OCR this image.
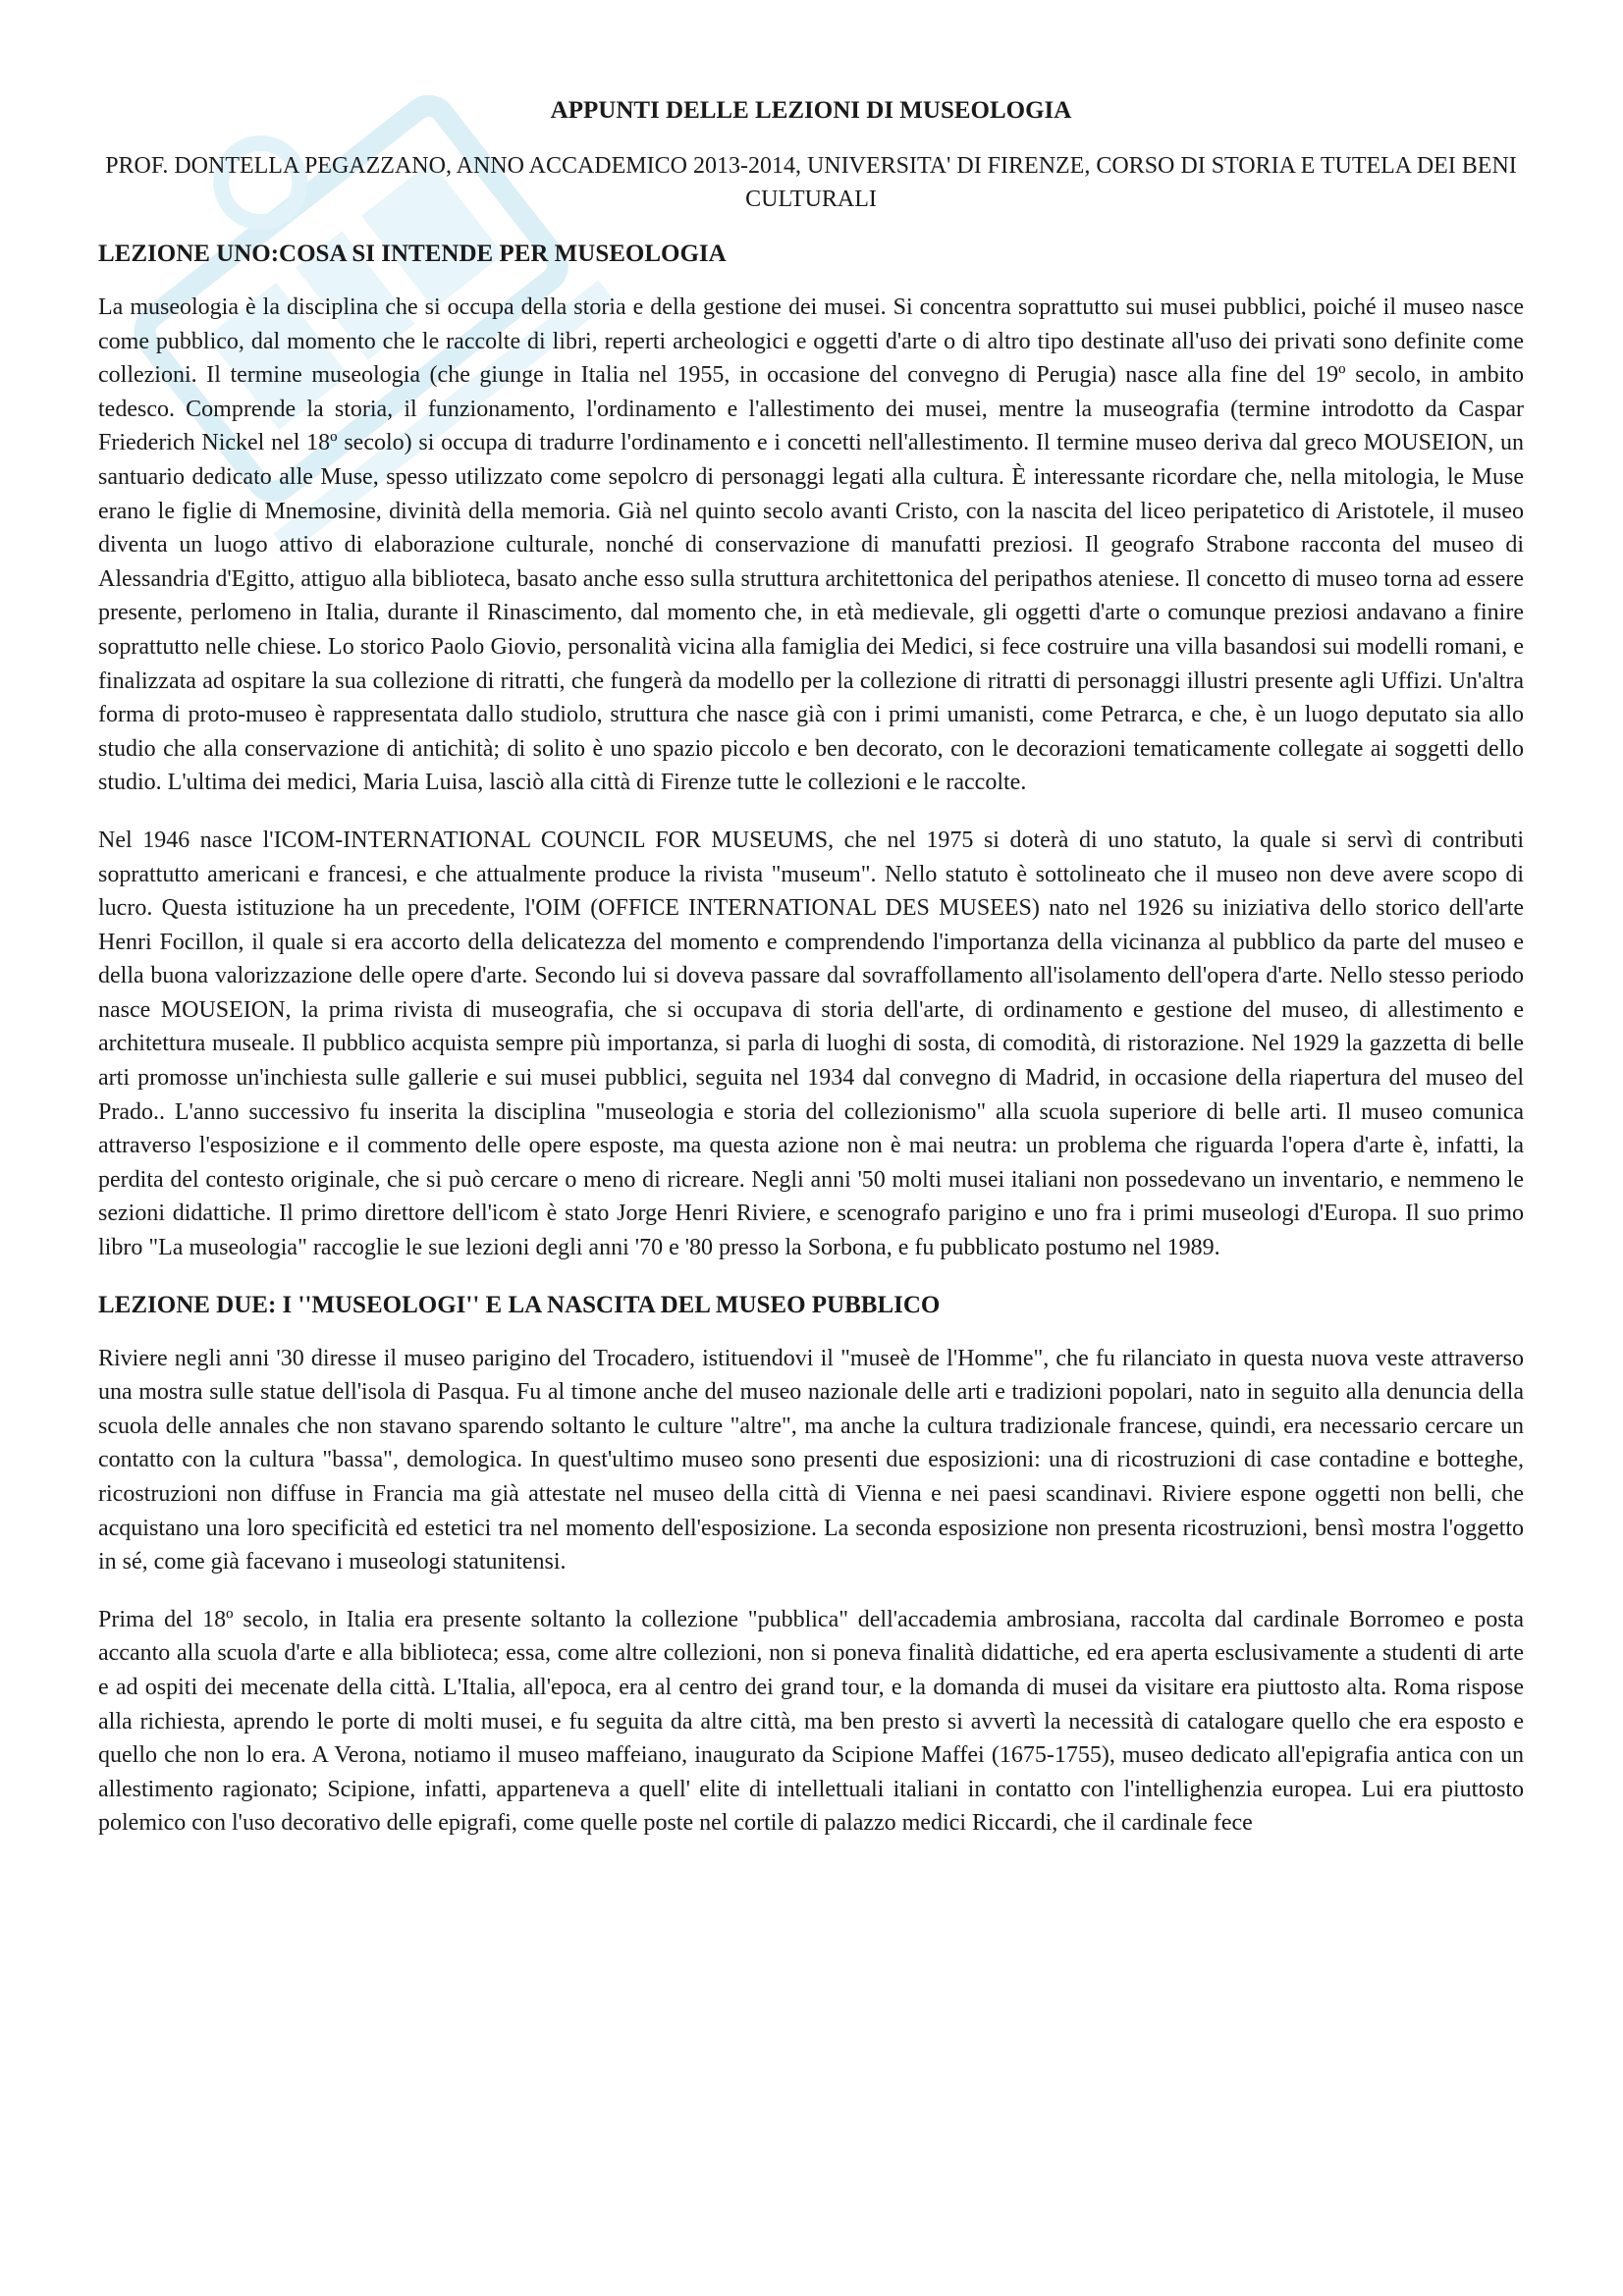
APPUNTI DELLE LEZIONI DI MUSEOLOGIA
PROF. DONTELLA PEGAZZANO, ANNO ACCADEMICO 2013-2014, UNIVERSITA' DI FIRENZE, CORSO DI STORIA E TUTELA DEI BENI CULTURALI
LEZIONE UNO:COSA SI INTENDE PER MUSEOLOGIA

La museologia è la disciplina che si occupa della storia e della gestione dei musei. Si concentra soprattutto sui musei pubblici, poiché il museo nasce come pubblico, dal momento che le raccolte di libri, reperti archeologici e oggetti d'arte o di altro tipo destinate all'uso dei privati sono definite come collezioni. Il termine museologia (che giunge in Italia nel 1955, in occasione del convegno di Perugia) nasce alla fine del 19º secolo, in ambito tedesco. Comprende la storia, il funzionamento, l'ordinamento e l'allestimento dei musei, mentre la museografia (termine introdotto da Caspar Friederich Nickel nel 18º secolo) si occupa di tradurre l'ordinamento e i concetti nell'allestimento. Il termine museo deriva dal greco MOUSEION, un santuario dedicato alle Muse, spesso utilizzato come sepolcro di personaggi legati alla cultura. È interessante ricordare che, nella mitologia, le Muse erano le figlie di Mnemosine, divinità della memoria. Già nel quinto secolo avanti Cristo, con la nascita del liceo peripatetico di Aristotele, il museo diventa un luogo attivo di elaborazione culturale, nonché di conservazione di manufatti preziosi. Il geografo Strabone racconta del museo di Alessandria d'Egitto, attiguo alla biblioteca, basato anche esso sulla struttura architettonica del peripathos ateniese. Il concetto di museo torna ad essere presente, perlomeno in Italia, durante il Rinascimento, dal momento che, in età medievale, gli oggetti d'arte o comunque preziosi andavano a finire soprattutto nelle chiese. Lo storico Paolo Giovio, personalità vicina alla famiglia dei Medici, si fece costruire una villa basandosi sui modelli romani, e finalizzata ad ospitare la sua collezione di ritratti, che fungerà da modello per la collezione di ritratti di personaggi illustri presente agli Uffizi. Un'altra forma di proto-museo è rappresentata dallo studiolo, struttura che nasce già con i primi umanisti, come Petrarca, e che, è un luogo deputato sia allo studio che alla conservazione di antichità; di solito è uno spazio piccolo e ben decorato, con le decorazioni tematicamente collegate ai soggetti dello studio. L'ultima dei medici, Maria Luisa, lasciò alla città di Firenze tutte le collezioni e le raccolte.

Nel 1946 nasce l'ICOM-INTERNATIONAL COUNCIL FOR MUSEUMS, che nel 1975 si doterà di uno statuto, la quale si servì di contributi soprattutto americani e francesi, e che attualmente produce la rivista "museum". Nello statuto è sottolineato che il museo non deve avere scopo di lucro. Questa istituzione ha un precedente, l'OIM (OFFICE INTERNATIONAL DES MUSEES) nato nel 1926 su iniziativa dello storico dell'arte Henri Focillon, il quale si era accorto della delicatezza del momento e comprendendo l'importanza della vicinanza al pubblico da parte del museo e della buona valorizzazione delle opere d'arte. Secondo lui si doveva passare dal sovraffollamento all'isolamento dell'opera d'arte. Nello stesso periodo nasce MOUSEION, la prima rivista di museografia, che si occupava di storia dell'arte, di ordinamento e gestione del museo, di allestimento e architettura museale. Il pubblico acquista sempre più importanza, si parla di luoghi di sosta, di comodità, di ristorazione. Nel 1929 la gazzetta di belle arti promosse un'inchiesta sulle gallerie e sui musei pubblici, seguita nel 1934 dal convegno di Madrid, in occasione della riapertura del museo del Prado.. L'anno successivo fu inserita la disciplina "museologia e storia del collezionismo" alla scuola superiore di belle arti. Il museo comunica attraverso l'esposizione e il commento delle opere esposte, ma questa azione non è mai neutra: un problema che riguarda l'opera d'arte è, infatti, la perdita del contesto originale, che si può cercare o meno di ricreare. Negli anni '50 molti musei italiani non possedevano un inventario, e nemmeno le sezioni didattiche. Il primo direttore dell'icom è stato Jorge Henri Riviere, e scenografo parigino e uno fra i primi museologi d'Europa. Il suo primo libro "La museologia" raccoglie le sue lezioni degli anni '70 e '80 presso la Sorbona, e fu pubblicato postumo nel 1989.

LEZIONE DUE: I ''MUSEOLOGI'' E LA NASCITA DEL MUSEO PUBBLICO

Riviere negli anni '30 diresse il museo parigino del Trocadero, istituendovi il "museè de l'Homme", che fu rilanciato in questa nuova veste attraverso una mostra sulle statue dell'isola di Pasqua. Fu al timone anche del museo nazionale delle arti e tradizioni popolari, nato in seguito alla denuncia della scuola delle annales che non stavano sparendo soltanto le culture "altre", ma anche la cultura tradizionale francese, quindi, era necessario cercare un contatto con la cultura "bassa", demologica. In quest'ultimo museo sono presenti due esposizioni: una di ricostruzioni di case contadine e botteghe, ricostruzioni non diffuse in Francia ma già attestate nel museo della città di Vienna e nei paesi scandinavi. Riviere espone oggetti non belli, che acquistano una loro specificità ed estetici tra nel momento dell'esposizione. La seconda esposizione non presenta ricostruzioni, bensì mostra l'oggetto in sé, come già facevano i museologi statunitensi.

Prima del 18º secolo, in Italia era presente soltanto la collezione "pubblica" dell'accademia ambrosiana, raccolta dal cardinale Borromeo e posta accanto alla scuola d'arte e alla biblioteca; essa, come altre collezioni, non si poneva finalità didattiche, ed era aperta esclusivamente a studenti di arte e ad ospiti dei mecenate della città. L'Italia, all'epoca, era al centro dei grand tour, e la domanda di musei da visitare era piuttosto alta. Roma rispose alla richiesta, aprendo le porte di molti musei, e fu seguita da altre città, ma ben presto si avvertì la necessità di catalogare quello che era esposto e quello che non lo era. A Verona, notiamo il museo maffeiano, inaugurato da Scipione Maffei (1675-1755), museo dedicato all'epigrafia antica con un allestimento ragionato; Scipione, infatti, apparteneva a quell' elite di intellettuali italiani in contatto con l'intellighenzia europea. Lui era piuttosto polemico con l'uso decorativo delle epigrafi, come quelle poste nel cortile di palazzo medici Riccardi, che il cardinale fece
